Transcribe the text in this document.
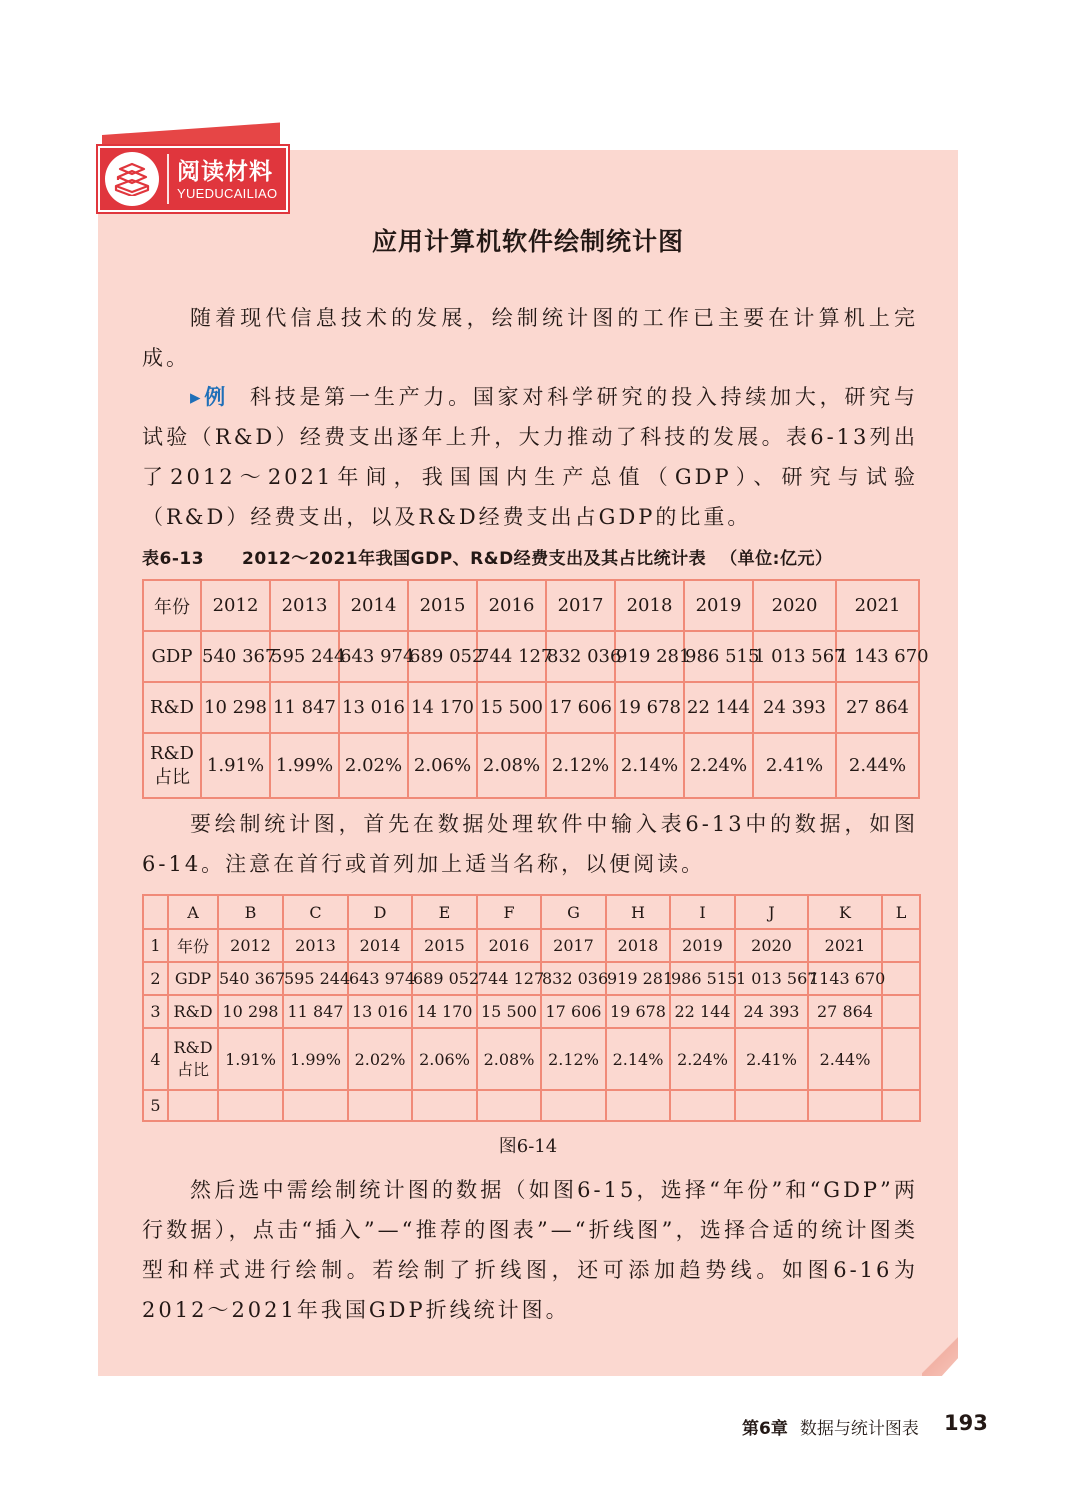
阅读材料
YUEDUCAILIAO
应用计算机软件绘制统计图

随着现代信息技术的发展，绘制统计图的工作已主要在计算机上完成。

▸例 科技是第一生产力。国家对科学研究的投入持续加大，研究与试验（R&D）经费支出逐年上升，大力推动了科技的发展。表6-13列出了2012～2021年间，我国国内生产总值（GDP）、研究与试验（R&D）经费支出，以及R&D经费支出占GDP的比重。

表6-13 2012～2021年我国GDP、R&D经费支出及其占比统计表 （单位:亿元）
年份	2012	2013	2014	2015	2016	2017	2018	2019	2020	2021
GDP	540 367	595 244	643 974	689 052	744 127	832 036	919 281	986 515	1 013 567	1 143 670
R&D	10 298	11 847	13 016	14 170	15 500	17 606	19 678	22 144	24 393	27 864
R&D
占比	1.91%	1.99%	2.02%	2.06%	2.08%	2.12%	2.14%	2.24%	2.41%	2.44%

要绘制统计图，首先在数据处理软件中输入表6-13中的数据，如图6-14。注意在首行或首列加上适当名称，以便阅读。

	A	B	C	D	E	F	G	H	I	J	K	L
1	年份	2012	2013	2014	2015	2016	2017	2018	2019	2020	2021	
2	GDP	540 367	595 244	643 974	689 052	744 127	832 036	919 281	986 515	1 013 567	1143 670	
3	R&D	10 298	11 847	13 016	14 170	15 500	17 606	19 678	22 144	24 393	27 864	
4	R&D
占比	1.91%	1.99%	2.02%	2.06%	2.08%	2.12%	2.14%	2.24%	2.41%	2.44%	
5												
图6-14

然后选中需绘制统计图的数据（如图6-15，选择“年份”和“GDP”两行数据），点击“插入”—“推荐的图表”—“折线图”，选择合适的统计图类型和样式进行绘制。若绘制了折线图，还可添加趋势线。如图6-16为2012～2021年我国GDP折线统计图。

第6章 数据与统计图表 193
